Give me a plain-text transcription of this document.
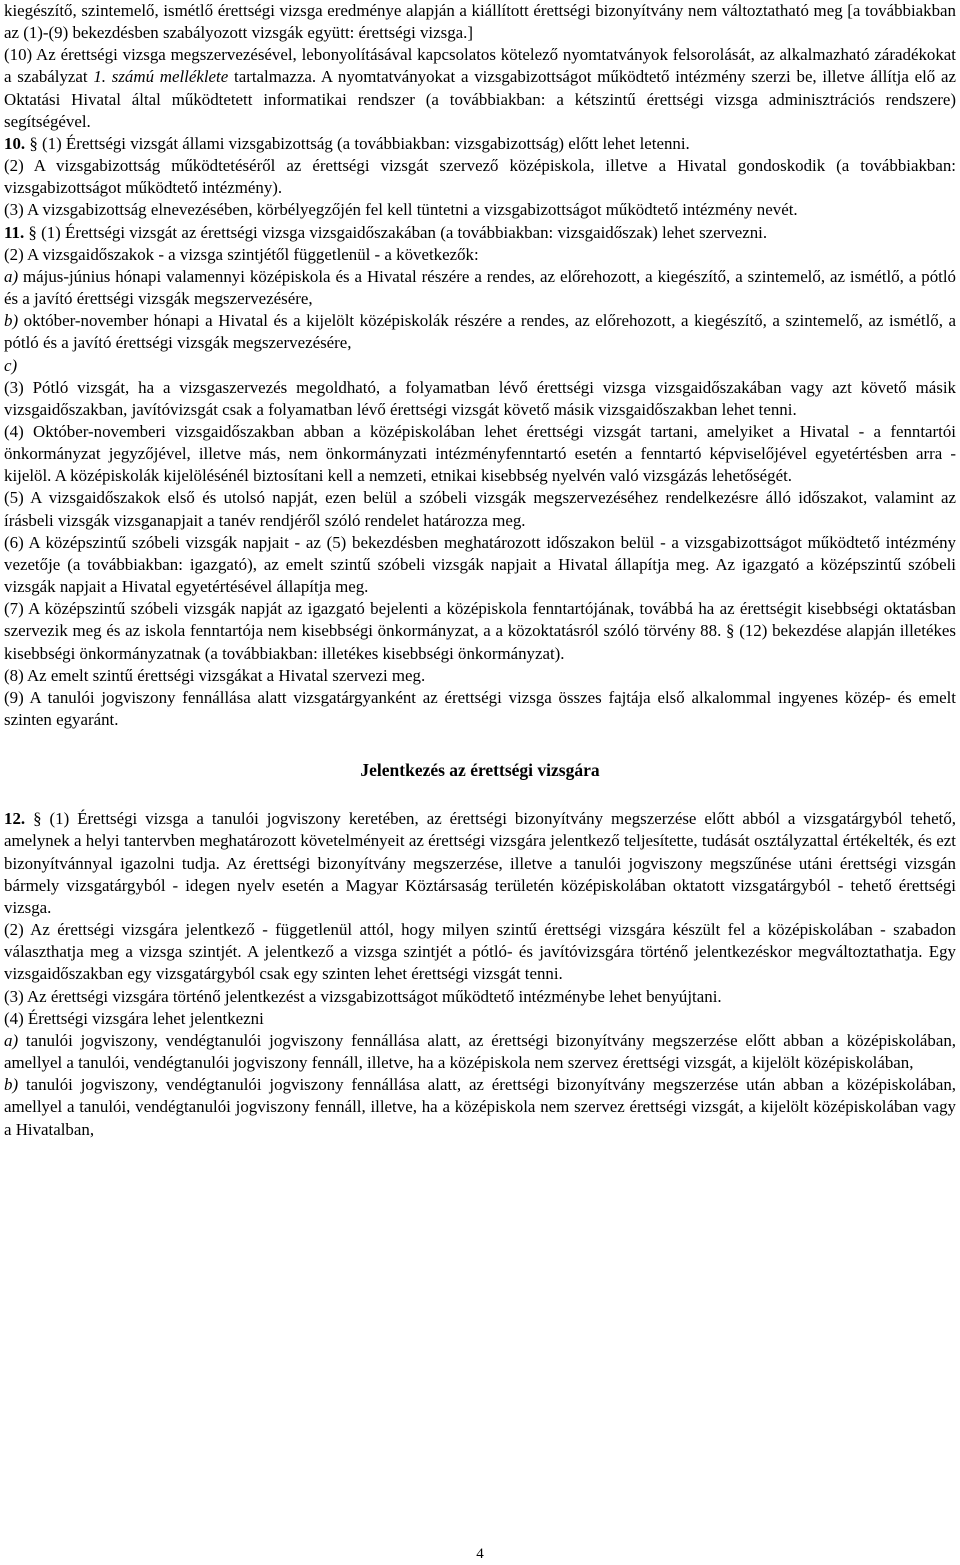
kiegészítő, szintemelő, ismétlő érettségi vizsga eredménye alapján a kiállított érettségi bizonyítvány nem változtatható meg [a továbbiakban az (1)-(9) bekezdésben szabályozott vizsgák együtt: érettségi vizsga.]

(10) Az érettségi vizsga megszervezésével, lebonyolításával kapcsolatos kötelező nyomtatványok felsorolását, az alkalmazható záradékokat a szabályzat 1. számú melléklete tartalmazza. A nyomtatványokat a vizsgabizottságot működtető intézmény szerzi be, illetve állítja elő az Oktatási Hivatal által működtetett informatikai rendszer (a továbbiakban: a kétszintű érettségi vizsga adminisztrációs rendszere) segítségével.

10. § (1) Érettségi vizsgát állami vizsgabizottság (a továbbiakban: vizsgabizottság) előtt lehet letenni.

(2) A vizsgabizottság működtetéséről az érettségi vizsgát szervező középiskola, illetve a Hivatal gondoskodik (a továbbiakban: vizsgabizottságot működtető intézmény).

(3) A vizsgabizottság elnevezésében, körbélyegzőjén fel kell tüntetni a vizsgabizottságot működtető intézmény nevét.

11. § (1) Érettségi vizsgát az érettségi vizsga vizsgaidőszakában (a továbbiakban: vizsgaidőszak) lehet szervezni.

(2) A vizsgaidőszakok - a vizsga szintjétől függetlenül - a következők:

a) május-június hónapi valamennyi középiskola és a Hivatal részére a rendes, az előrehozott, a kiegészítő, a szintemelő, az ismétlő, a pótló és a javító érettségi vizsgák megszervezésére,

b) október-november hónapi a Hivatal és a kijelölt középiskolák részére a rendes, az előrehozott, a kiegészítő, a szintemelő, az ismétlő, a pótló és a javító érettségi vizsgák megszervezésére,

c)

(3) Pótló vizsgát, ha a vizsgaszervezés megoldható, a folyamatban lévő érettségi vizsga vizsgaidőszakában vagy azt követő másik vizsgaidőszakban, javítóvizsgát csak a folyamatban lévő érettségi vizsgát követő másik vizsgaidőszakban lehet tenni.

(4) Október-novemberi vizsgaidőszakban abban a középiskolában lehet érettségi vizsgát tartani, amelyiket a Hivatal - a fenntartói önkormányzat jegyzőjével, illetve más, nem önkormányzati intézményfenntartó esetén a fenntartó képviselőjével egyetértésben arra - kijelöl. A középiskolák kijelölésénél biztosítani kell a nemzeti, etnikai kisebbség nyelvén való vizsgázás lehetőségét.

(5) A vizsgaidőszakok első és utolsó napját, ezen belül a szóbeli vizsgák megszervezéséhez rendelkezésre álló időszakot, valamint az írásbeli vizsgák vizsganapjait a tanév rendjéről szóló rendelet határozza meg.

(6) A középszintű szóbeli vizsgák napjait - az (5) bekezdésben meghatározott időszakon belül - a vizsgabizottságot működtető intézmény vezetője (a továbbiakban: igazgató), az emelt szintű szóbeli vizsgák napjait a Hivatal állapítja meg. Az igazgató a középszintű szóbeli vizsgák napjait a Hivatal egyetértésével állapítja meg.

(7) A középszintű szóbeli vizsgák napját az igazgató bejelenti a középiskola fenntartójának, továbbá ha az érettségit kisebbségi oktatásban szervezik meg és az iskola fenntartója nem kisebbségi önkormányzat, a a közoktatásról szóló törvény 88. § (12) bekezdése alapján illetékes kisebbségi önkormányzatnak (a továbbiakban: illetékes kisebbségi önkormányzat).

(8) Az emelt szintű érettségi vizsgákat a Hivatal szervezi meg.

(9) A tanulói jogviszony fennállása alatt vizsgatárgyanként az érettségi vizsga összes fajtája első alkalommal ingyenes közép- és emelt szinten egyaránt.

Jelentkezés az érettségi vizsgára

12. § (1) Érettségi vizsga a tanulói jogviszony keretében, az érettségi bizonyítvány megszerzése előtt abból a vizsgatárgyból tehető, amelynek a helyi tantervben meghatározott követelményeit az érettségi vizsgára jelentkező teljesítette, tudását osztályzattal értékelték, és ezt bizonyítvánnyal igazolni tudja. Az érettségi bizonyítvány megszerzése, illetve a tanulói jogviszony megszűnése utáni érettségi vizsgán bármely vizsgatárgyból - idegen nyelv esetén a Magyar Köztársaság területén középiskolában oktatott vizsgatárgyból - tehető érettségi vizsga.

(2) Az érettségi vizsgára jelentkező - függetlenül attól, hogy milyen szintű érettségi vizsgára készült fel a középiskolában - szabadon választhatja meg a vizsga szintjét. A jelentkező a vizsga szintjét a pótló- és javítóvizsgára történő jelentkezéskor megváltoztathatja. Egy vizsgaidőszakban egy vizsgatárgyból csak egy szinten lehet érettségi vizsgát tenni.

(3) Az érettségi vizsgára történő jelentkezést a vizsgabizottságot működtető intézménybe lehet benyújtani.

(4) Érettségi vizsgára lehet jelentkezni

a) tanulói jogviszony, vendégtanulói jogviszony fennállása alatt, az érettségi bizonyítvány megszerzése előtt abban a középiskolában, amellyel a tanulói, vendégtanulói jogviszony fennáll, illetve, ha a középiskola nem szervez érettségi vizsgát, a kijelölt középiskolában,

b) tanulói jogviszony, vendégtanulói jogviszony fennállása alatt, az érettségi bizonyítvány megszerzése után abban a középiskolában, amellyel a tanulói, vendégtanulói jogviszony fennáll, illetve, ha a középiskola nem szervez érettségi vizsgát, a kijelölt középiskolában vagy a Hivatalban,

4
